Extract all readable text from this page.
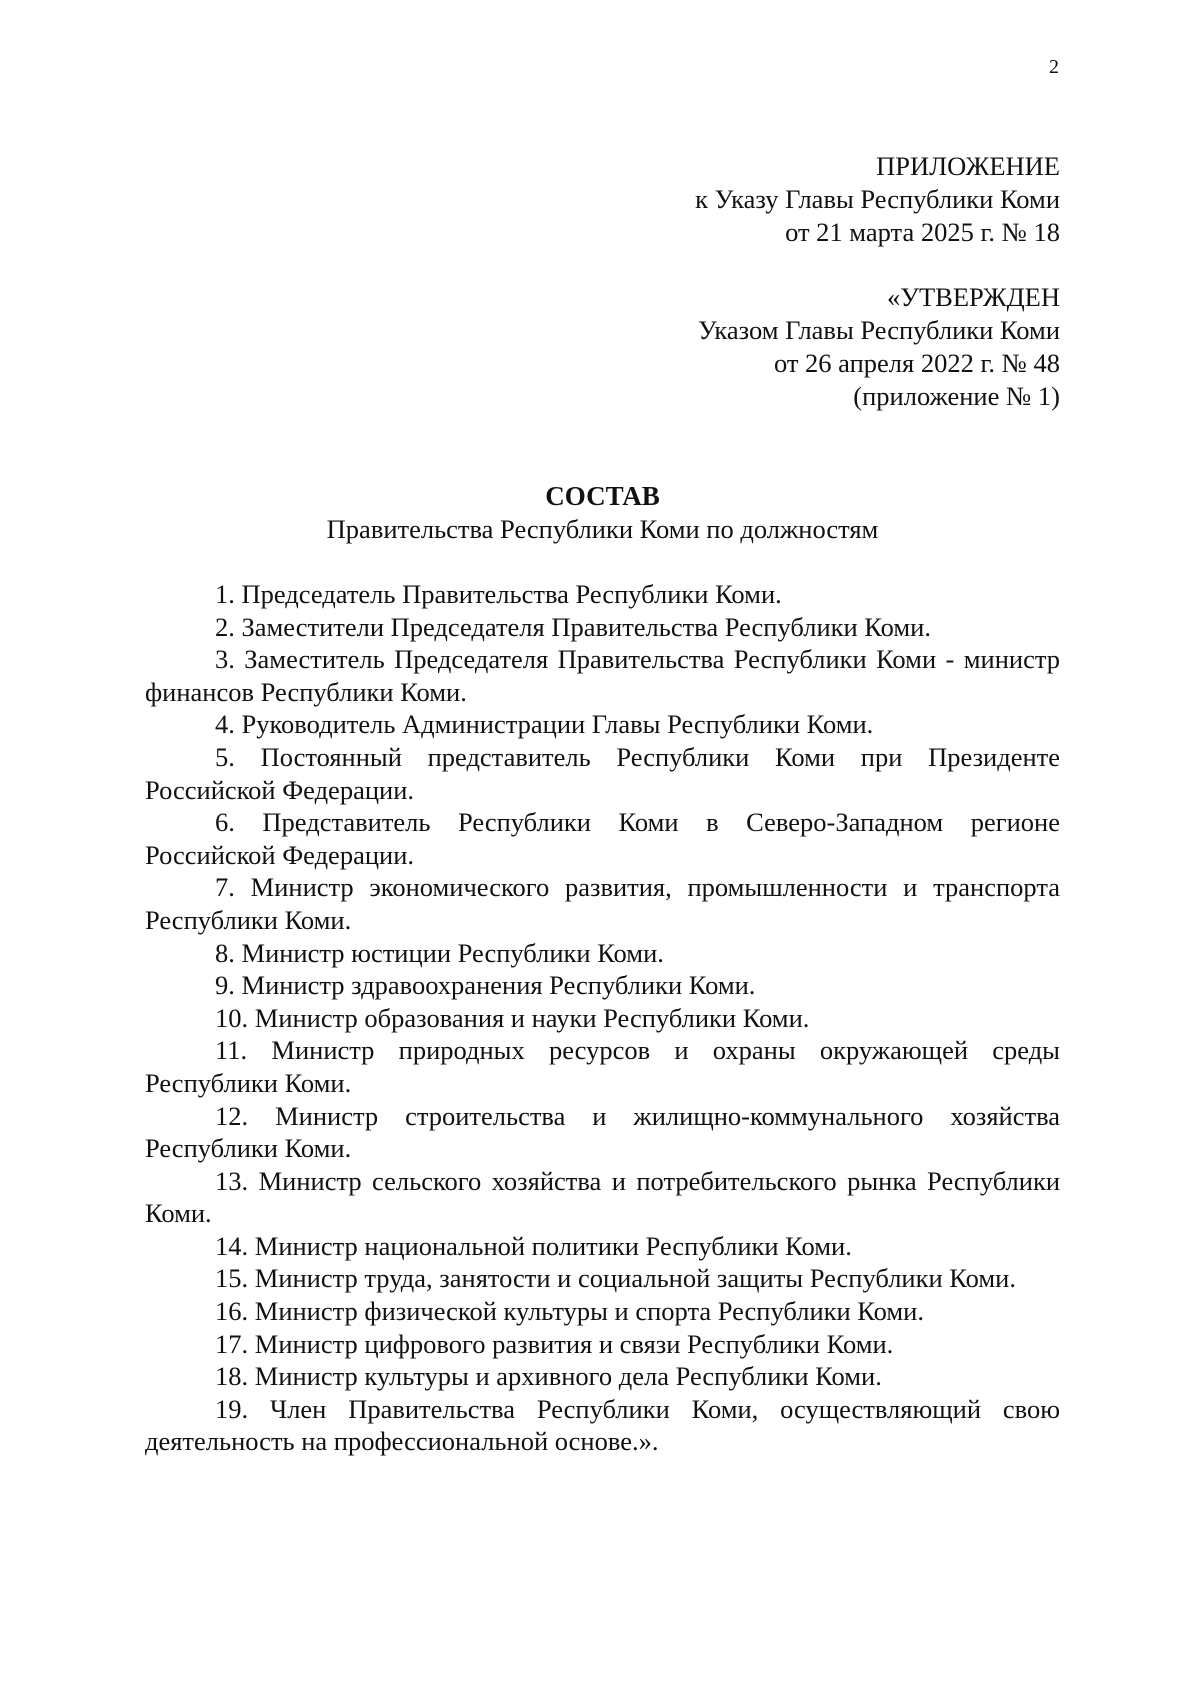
2
ПРИЛОЖЕНИЕ
к Указу Главы Республики Коми
от 21 марта 2025 г. № 18
«УТВЕРЖДЕН
Указом Главы Республики Коми
от 26 апреля 2022 г. № 48
(приложение № 1)
СОСТАВ
Правительства Республики Коми по должностям
1. Председатель Правительства Республики Коми.
2. Заместители Председателя Правительства Республики Коми.
3. Заместитель Председателя Правительства Республики Коми - министр финансов Республики Коми.
4. Руководитель Администрации Главы Республики Коми.
5. Постоянный представитель Республики Коми при Президенте Российской Федерации.
6. Представитель Республики Коми в Северо-Западном регионе Российской Федерации.
7. Министр экономического развития, промышленности и транспорта Республики Коми.
8. Министр юстиции Республики Коми.
9. Министр здравоохранения Республики Коми.
10. Министр образования и науки Республики Коми.
11. Министр природных ресурсов и охраны окружающей среды Республики Коми.
12. Министр строительства и жилищно-коммунального хозяйства Республики Коми.
13. Министр сельского хозяйства и потребительского рынка Республики Коми.
14. Министр национальной политики Республики Коми.
15. Министр труда, занятости и социальной защиты Республики Коми.
16. Министр физической культуры и спорта Республики Коми.
17. Министр цифрового развития и связи Республики Коми.
18. Министр культуры и архивного дела Республики Коми.
19. Член Правительства Республики Коми, осуществляющий свою деятельность на профессиональной основе.».
